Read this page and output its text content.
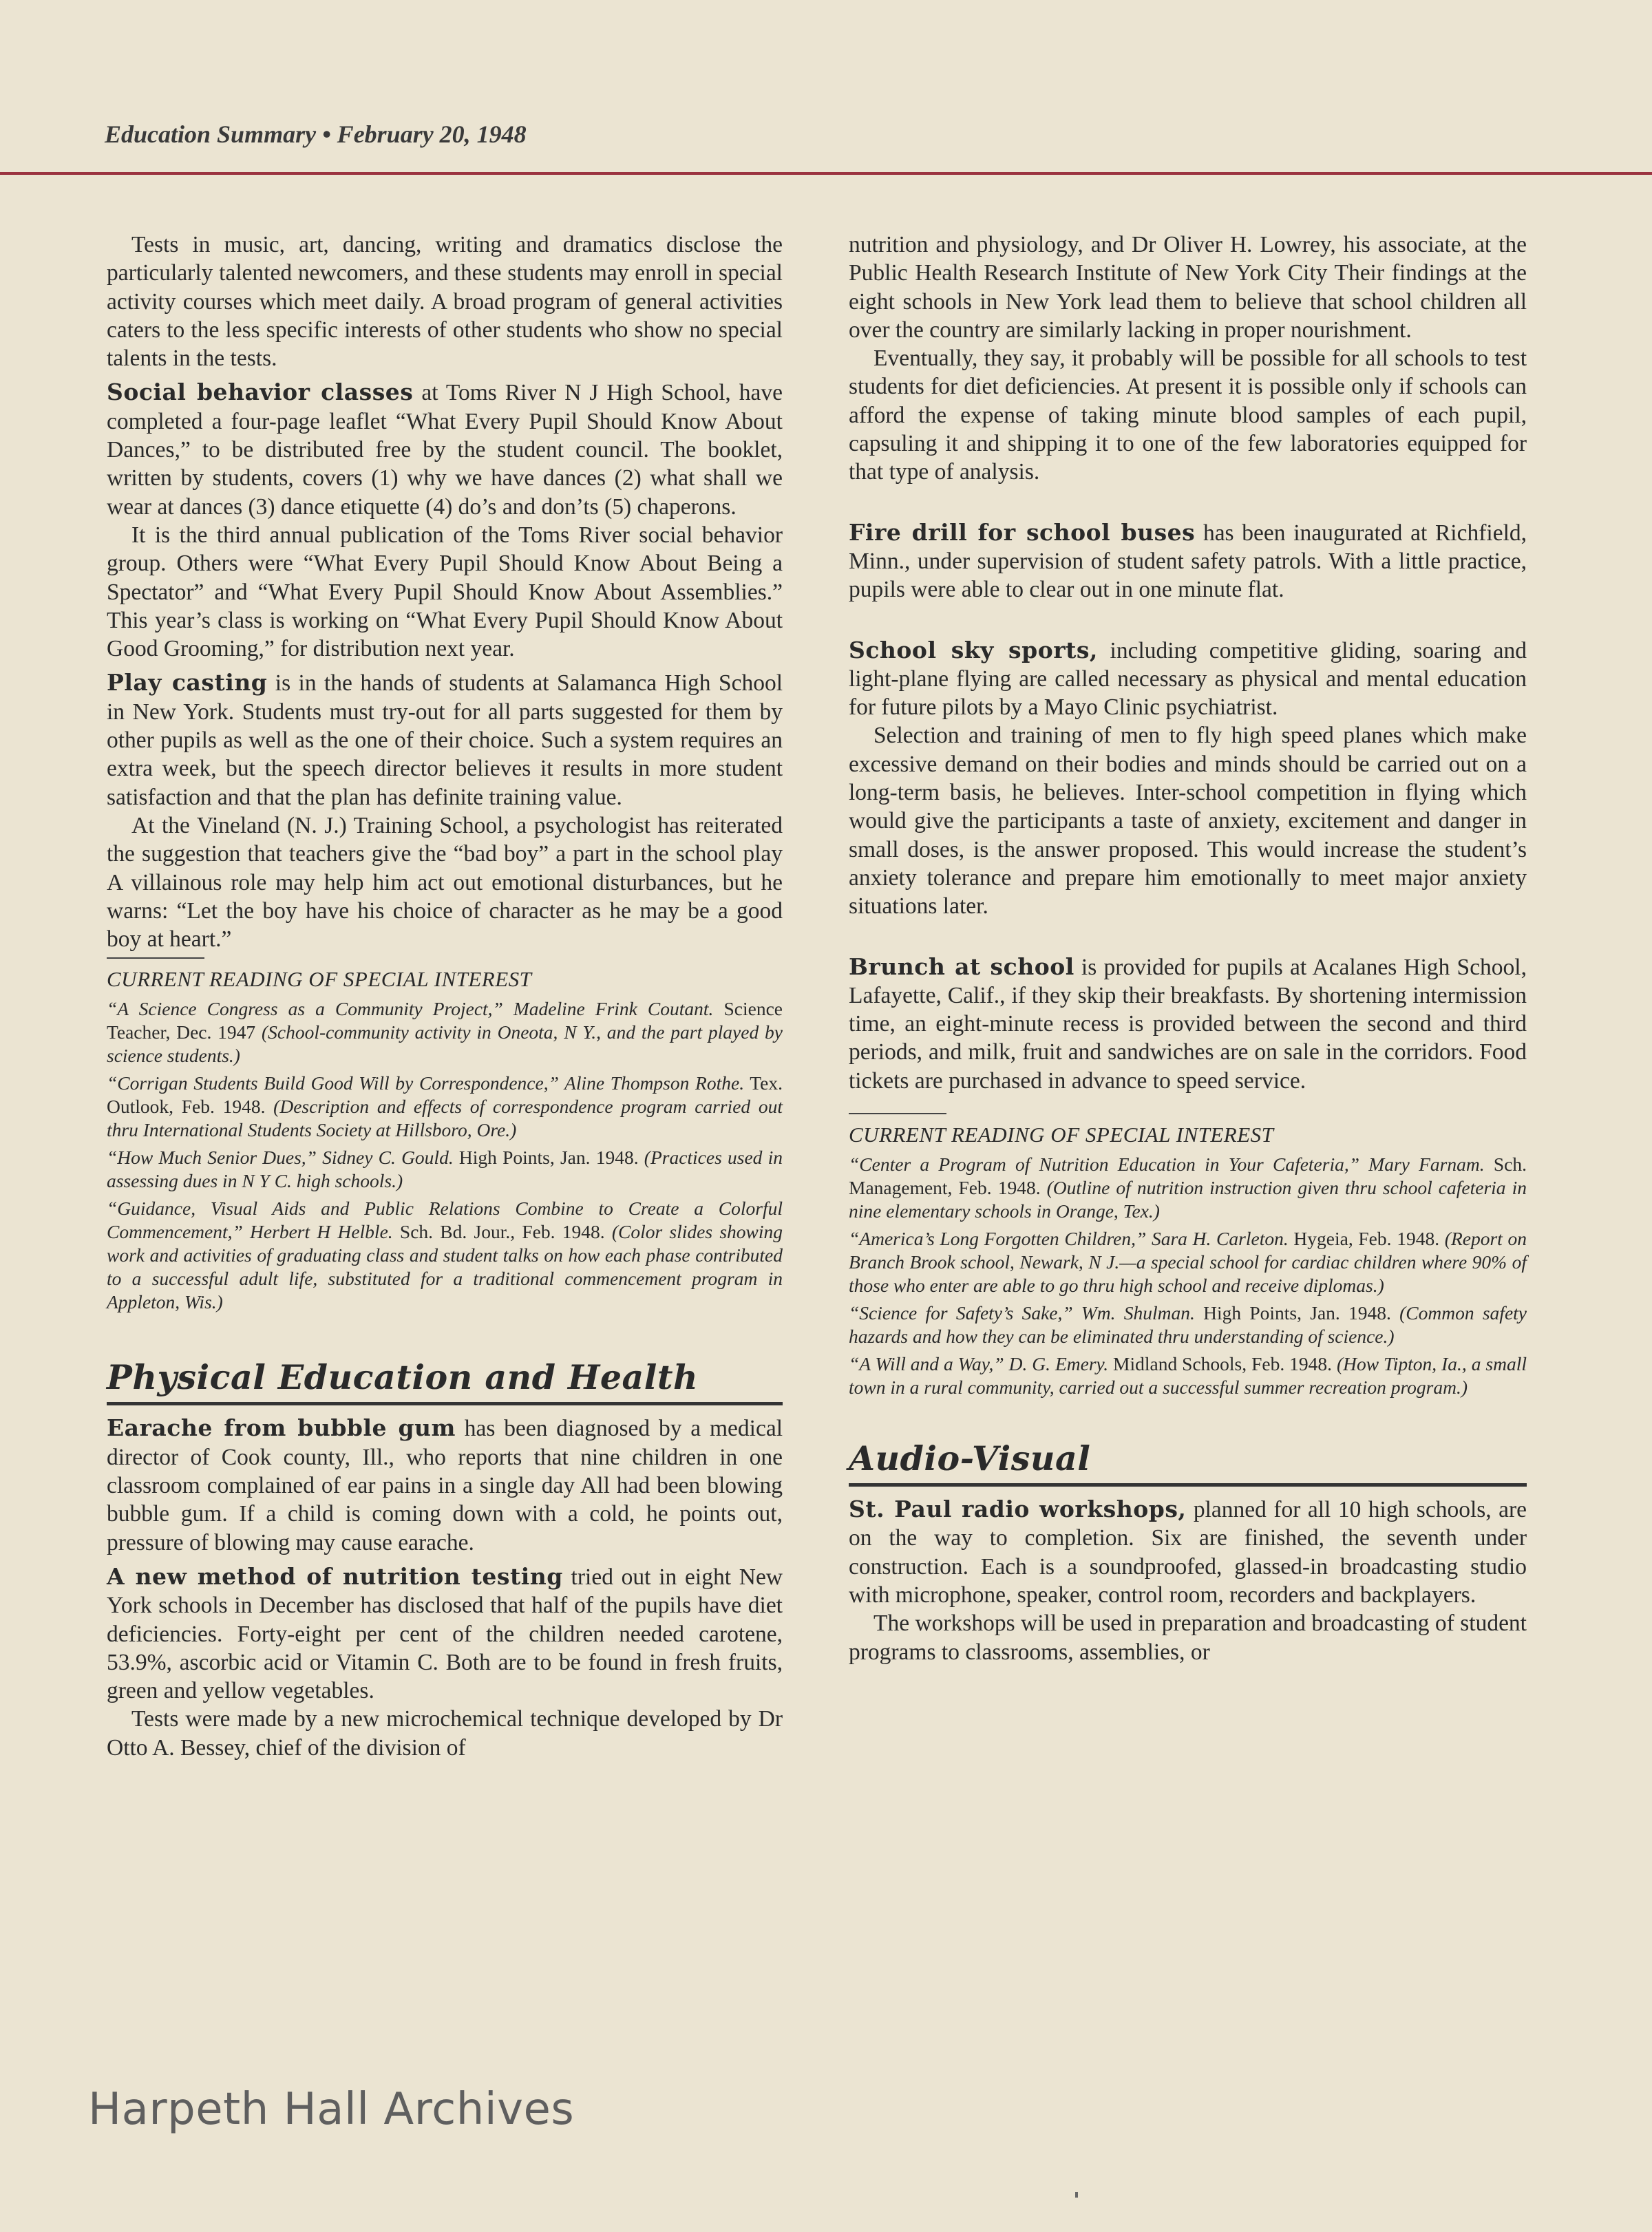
Education Summary • February 20, 1948

Tests in music, art, dancing, writing and dramatics disclose the particularly talented newcomers, and these students may enroll in special activity courses which meet daily. A broad program of general activities caters to the less specific interests of other students who show no special talents in the tests.

Social behavior classes at Toms River N J High School, have completed a four-page leaflet “What Every Pupil Should Know About Dances,” to be distributed free by the student council. The booklet, written by students, covers (1) why we have dances (2) what shall we wear at dances (3) dance etiquette (4) do’s and don’ts (5) chaperons.

It is the third annual publication of the Toms River social behavior group. Others were “What Every Pupil Should Know About Being a Spectator” and “What Every Pupil Should Know About Assemblies.” This year’s class is working on “What Every Pupil Should Know About Good Grooming,” for distribution next year.

Play casting is in the hands of students at Salamanca High School in New York. Students must try-out for all parts suggested for them by other pupils as well as the one of their choice. Such a system requires an extra week, but the speech director believes it results in more student satisfaction and that the plan has definite training value.

At the Vineland (N. J.) Training School, a psychologist has reiterated the suggestion that teachers give the “bad boy” a part in the school play A villainous role may help him act out emotional disturbances, but he warns: “Let the boy have his choice of character as he may be a good boy at heart.”

CURRENT READING OF SPECIAL INTEREST

“A Science Congress as a Community Project,” Madeline Frink Coutant. Science Teacher, Dec. 1947 (School-community activity in Oneota, N Y., and the part played by science students.)

“Corrigan Students Build Good Will by Correspondence,” Aline Thompson Rothe. Tex. Outlook, Feb. 1948. (Description and effects of correspondence program carried out thru International Students Society at Hillsboro, Ore.)

“How Much Senior Dues,” Sidney C. Gould. High Points, Jan. 1948. (Practices used in assessing dues in N Y C. high schools.)

“Guidance, Visual Aids and Public Relations Combine to Create a Colorful Commencement,” Herbert H Helble. Sch. Bd. Jour., Feb. 1948. (Color slides showing work and activities of graduating class and student talks on how each phase contributed to a successful adult life, substituted for a traditional commencement program in Appleton, Wis.)

Physical Education and Health

Earache from bubble gum has been diagnosed by a medical director of Cook county, Ill., who reports that nine children in one classroom complained of ear pains in a single day All had been blowing bubble gum. If a child is coming down with a cold, he points out, pressure of blowing may cause earache.

A new method of nutrition testing tried out in eight New York schools in December has disclosed that half of the pupils have diet deficiencies. Forty-eight per cent of the children needed carotene, 53.9%, ascorbic acid or Vitamin C. Both are to be found in fresh fruits, green and yellow vegetables.

Tests were made by a new microchemical technique developed by Dr Otto A. Bessey, chief of the division of

nutrition and physiology, and Dr Oliver H. Lowrey, his associate, at the Public Health Research Institute of New York City Their findings at the eight schools in New York lead them to believe that school children all over the country are similarly lacking in proper nourishment.

Eventually, they say, it probably will be possible for all schools to test students for diet deficiencies. At present it is possible only if schools can afford the expense of taking minute blood samples of each pupil, capsuling it and shipping it to one of the few laboratories equipped for that type of analysis.

Fire drill for school buses has been inaugurated at Richfield, Minn., under supervision of student safety patrols. With a little practice, pupils were able to clear out in one minute flat.

School sky sports, including competitive gliding, soaring and light-plane flying are called necessary as physical and mental education for future pilots by a Mayo Clinic psychiatrist.

Selection and training of men to fly high speed planes which make excessive demand on their bodies and minds should be carried out on a long-term basis, he believes. Inter-school competition in flying which would give the participants a taste of anxiety, excitement and danger in small doses, is the answer proposed. This would increase the student’s anxiety tolerance and prepare him emotionally to meet major anxiety situations later.

Brunch at school is provided for pupils at Acalanes High School, Lafayette, Calif., if they skip their breakfasts. By shortening intermission time, an eight-minute recess is provided between the second and third periods, and milk, fruit and sandwiches are on sale in the corridors. Food tickets are purchased in advance to speed service.

CURRENT READING OF SPECIAL INTEREST

“Center a Program of Nutrition Education in Your Cafeteria,” Mary Farnam. Sch. Management, Feb. 1948. (Outline of nutrition instruction given thru school cafeteria in nine elementary schools in Orange, Tex.)

“America’s Long Forgotten Children,” Sara H. Carleton. Hygeia, Feb. 1948. (Report on Branch Brook school, Newark, N J.—a special school for cardiac children where 90% of those who enter are able to go thru high school and receive diplomas.)

“Science for Safety’s Sake,” Wm. Shulman. High Points, Jan. 1948. (Common safety hazards and how they can be eliminated thru understanding of science.)

“A Will and a Way,” D. G. Emery. Midland Schools, Feb. 1948. (How Tipton, Ia., a small town in a rural community, carried out a successful summer recreation program.)

Audio-Visual

St. Paul radio workshops, planned for all 10 high schools, are on the way to completion. Six are finished, the seventh under construction. Each is a soundproofed, glassed-in broadcasting studio with microphone, speaker, control room, recorders and backplayers.

The workshops will be used in preparation and broadcasting of student programs to classrooms, assemblies, or

Harpeth Hall Archives
